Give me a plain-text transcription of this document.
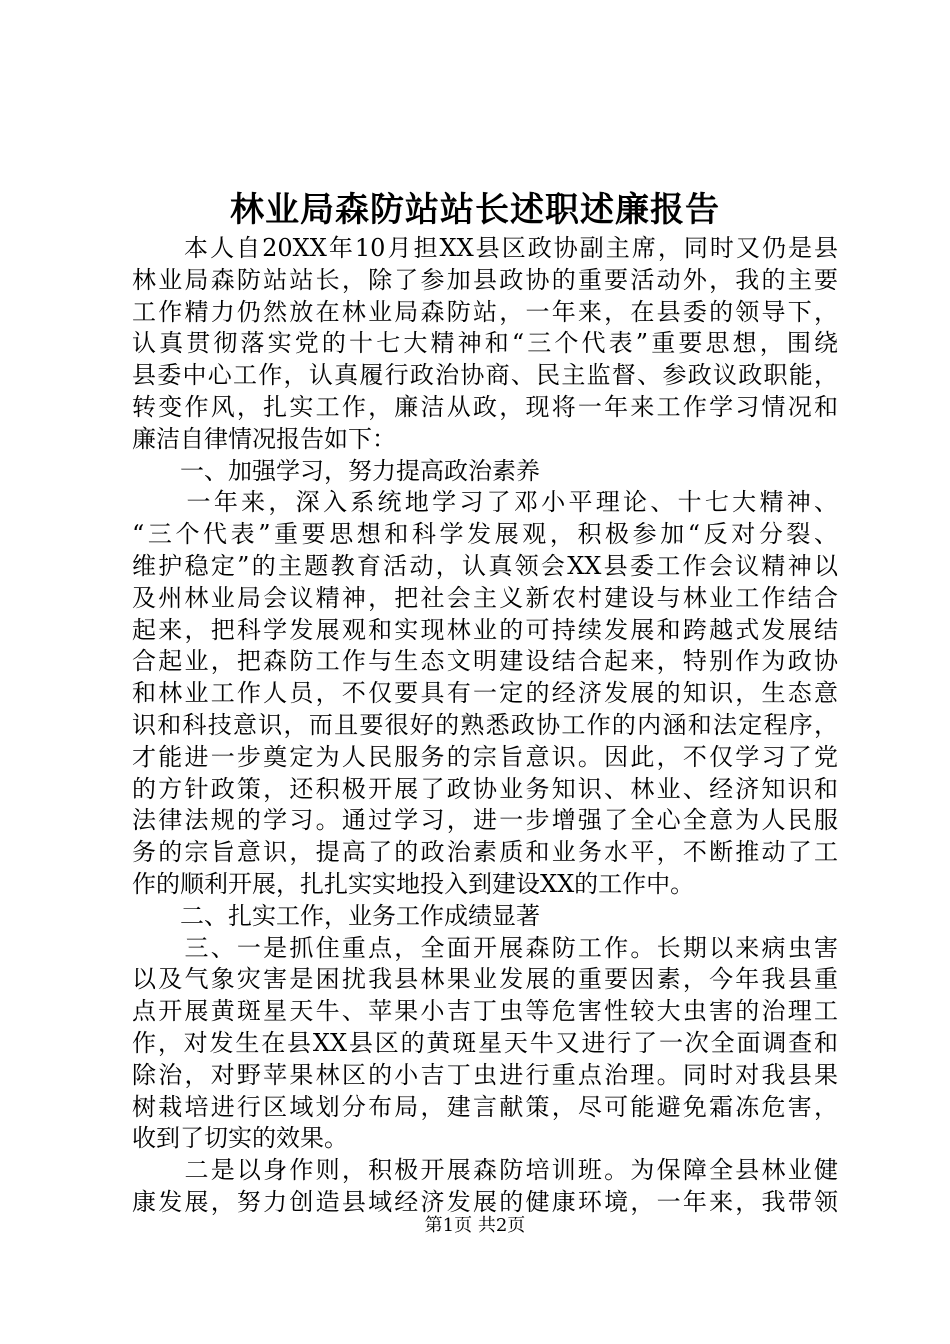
林业局森防站站长述职述廉报告

　　本人自20XX年10月担XX县区政协副主席，同时又仍是县

林业局森防站站长，除了参加县政协的重要活动外，我的主要

工作精力仍然放在林业局森防站，一年来，在县委的领导下，

认真贯彻落实党的十七大精神和“三个代表”重要思想，围绕

县委中心工作，认真履行政治协商、民主监督、参政议政职能，

转变作风，扎实工作，廉洁从政，现将一年来工作学习情况和

廉洁自律情况报告如下：

　　一、加强学习，努力提高政治素养

　　一年来，深入系统地学习了邓小平理论、十七大精神、

“三个代表”重要思想和科学发展观，积极参加“反对分裂、

维护稳定”的主题教育活动，认真领会XX县委工作会议精神以

及州林业局会议精神，把社会主义新农村建设与林业工作结合

起来，把科学发展观和实现林业的可持续发展和跨越式发展结

合起业，把森防工作与生态文明建设结合起来，特别作为政协

和林业工作人员，不仅要具有一定的经济发展的知识，生态意

识和科技意识，而且要很好的熟悉政协工作的内涵和法定程序，

才能进一步奠定为人民服务的宗旨意识。因此，不仅学习了党

的方针政策，还积极开展了政协业务知识、林业、经济知识和

法律法规的学习。通过学习，进一步增强了全心全意为人民服

务的宗旨意识，提高了的政治素质和业务水平，不断推动了工

作的顺利开展，扎扎实实地投入到建设XX的工作中。

　　二、扎实工作，业务工作成绩显著

　　三、一是抓住重点，全面开展森防工作。长期以来病虫害

以及气象灾害是困扰我县林果业发展的重要因素，今年我县重

点开展黄斑星天牛、苹果小吉丁虫等危害性较大虫害的治理工

作，对发生在县XX县区的黄斑星天牛又进行了一次全面调查和

除治，对野苹果林区的小吉丁虫进行重点治理。同时对我县果

树栽培进行区域划分布局，建言献策，尽可能避免霜冻危害，

收到了切实的效果。

　　二是以身作则，积极开展森防培训班。为保障全县林业健

康发展，努力创造县域经济发展的健康环境，一年来，我带领

第1页 共2页
